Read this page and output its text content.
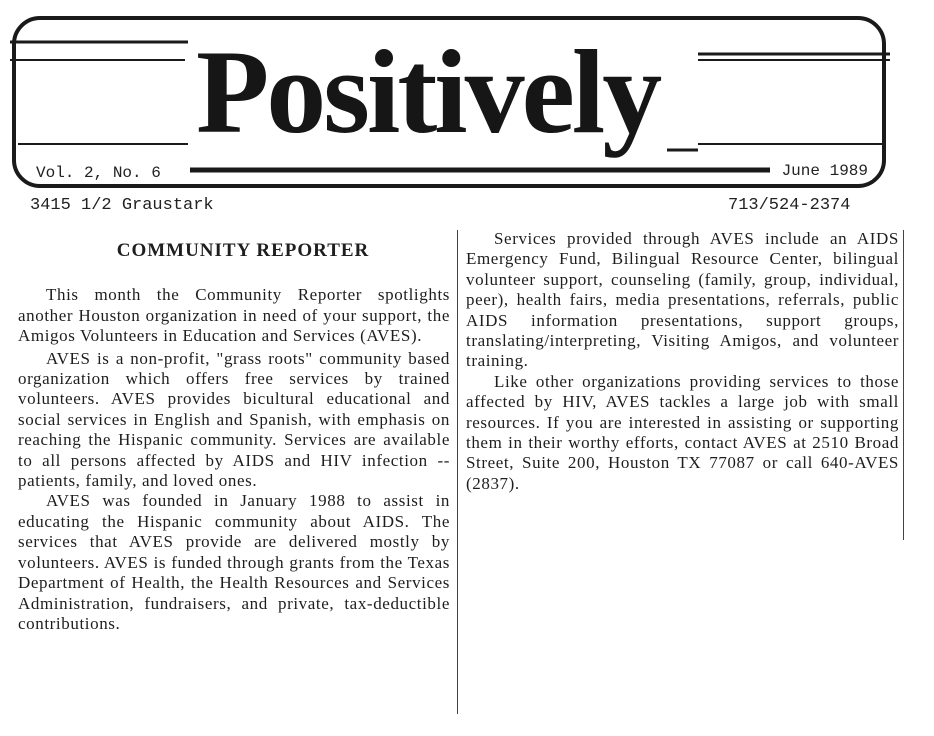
Positively
Vol. 2, No. 6	June 1989
3415 1/2 Graustark	713/524-2374
COMMUNITY REPORTER

This month the Community Reporter spotlights another Houston organization in need of your support, the Amigos Volunteers in Education and Services (AVES).

AVES is a non-profit, "grass roots" community based organization which offers free services by trained volunteers. AVES provides bicultural educational and social services in English and Spanish, with emphasis on reaching the Hispanic community. Services are available to all persons affected by AIDS and HIV infection --patients, family, and loved ones.

AVES was founded in January 1988 to assist in educating the Hispanic community about AIDS. The services that AVES provide are delivered mostly by volunteers. AVES is funded through grants from the Texas Department of Health, the Health Resources and Services Administration, fundraisers, and private, tax-deductible contributions.

Services provided through AVES include an AIDS Emergency Fund, Bilingual Resource Center, bilingual volunteer support, counseling (family, group, individual, peer), health fairs, media presentations, referrals, public AIDS information presentations, support groups, translating/interpreting, Visiting Amigos, and volunteer training.

Like other organizations providing services to those affected by HIV, AVES tackles a large job with small resources. If you are interested in assisting or supporting them in their worthy efforts, contact AVES at 2510 Broad Street, Suite 200, Houston TX 77087 or call 640-AVES (2837).
